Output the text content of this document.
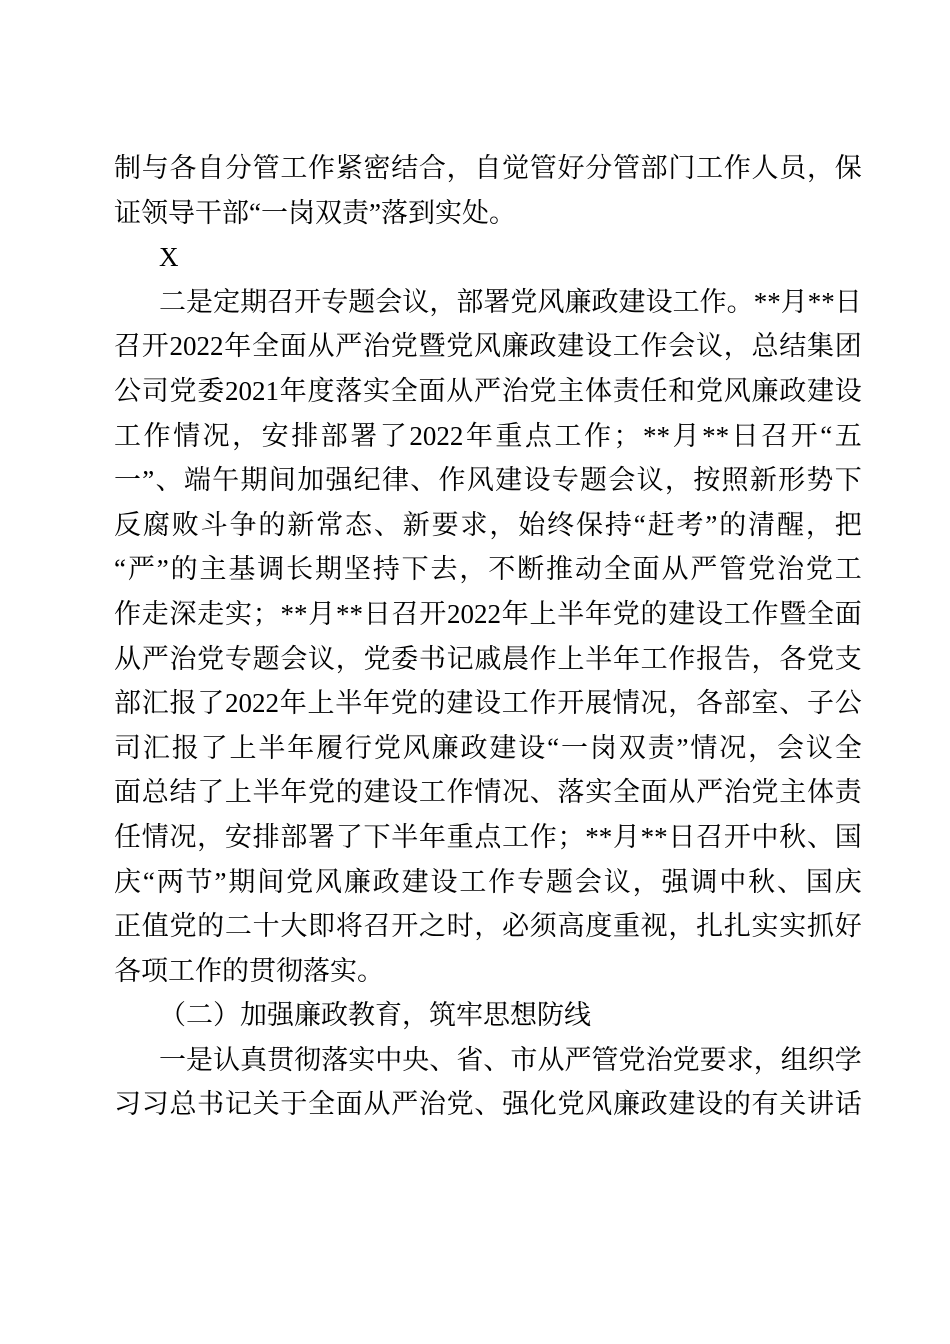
制 与 各 自 分 管 工 作 紧 密 结 合 ， 自 觉 管 好 分 管 部 门 工 作 人 员 ， 保
证领导干部“一岗双责”落到实处。
X
二 是 定 期 召 开 专 题 会 议 ， 部 署 党 风 廉 政 建 设 工 作 。 ** 月 ** 日
召 开 2022 年 全 面 从 严 治 党 暨 党 风 廉 政 建 设 工 作 会 议 ， 总 结 集 团
公 司 党 委 2021 年 度 落 实 全 面 从 严 治 党 主 体 责 任 和 党 风 廉 政 建 设
工 作 情 况 ， 安 排 部 署 了 2022 年 重 点 工 作 ； ** 月 ** 日 召 开 “ 五
一 ” 、 端 午 期 间 加 强 纪 律 、 作 风 建 设 专 题 会 议 ， 按 照 新 形 势 下
反 腐 败 斗 争 的 新 常 态 、 新 要 求 ， 始 终 保 持 “ 赶 考 ” 的 清 醒 ， 把
“ 严 ” 的 主 基 调 长 期 坚 持 下 去 ， 不 断 推 动 全 面 从 严 管 党 治 党 工
作 走 深 走 实 ； ** 月 ** 日 召 开 2022 年 上 半 年 党 的 建 设 工 作 暨 全 面
从 严 治 党 专 题 会 议 ， 党 委 书 记 戚 晨 作 上 半 年 工 作 报 告 ， 各 党 支
部 汇 报 了 2022 年 上 半 年 党 的 建 设 工 作 开 展 情 况 ， 各 部 室 、 子 公
司 汇 报 了 上 半 年 履 行 党 风 廉 政 建 设 “ 一 岗 双 责 ” 情 况 ， 会 议 全
面 总 结 了 上 半 年 党 的 建 设 工 作 情 况 、 落 实 全 面 从 严 治 党 主 体 责
任 情 况 ， 安 排 部 署 了 下 半 年 重 点 工 作 ； ** 月 ** 日 召 开 中 秋 、 国
庆 “ 两 节 ” 期 间 党 风 廉 政 建 设 工 作 专 题 会 议 ， 强 调 中 秋 、 国 庆
正 值 党 的 二 十 大 即 将 召 开 之 时 ， 必 须 高 度 重 视 ， 扎 扎 实 实 抓 好
各项工作的贯彻落实。
（二）加强廉政教育，筑牢思想防线
一 是 认 真 贯 彻 落 实 中 央 、 省 、 市 从 严 管 党 治 党 要 求 ， 组 织 学
习 习 总 书 记 关 于 全 面 从 严 治 党 、 强 化 党 风 廉 政 建 设 的 有 关 讲 话
